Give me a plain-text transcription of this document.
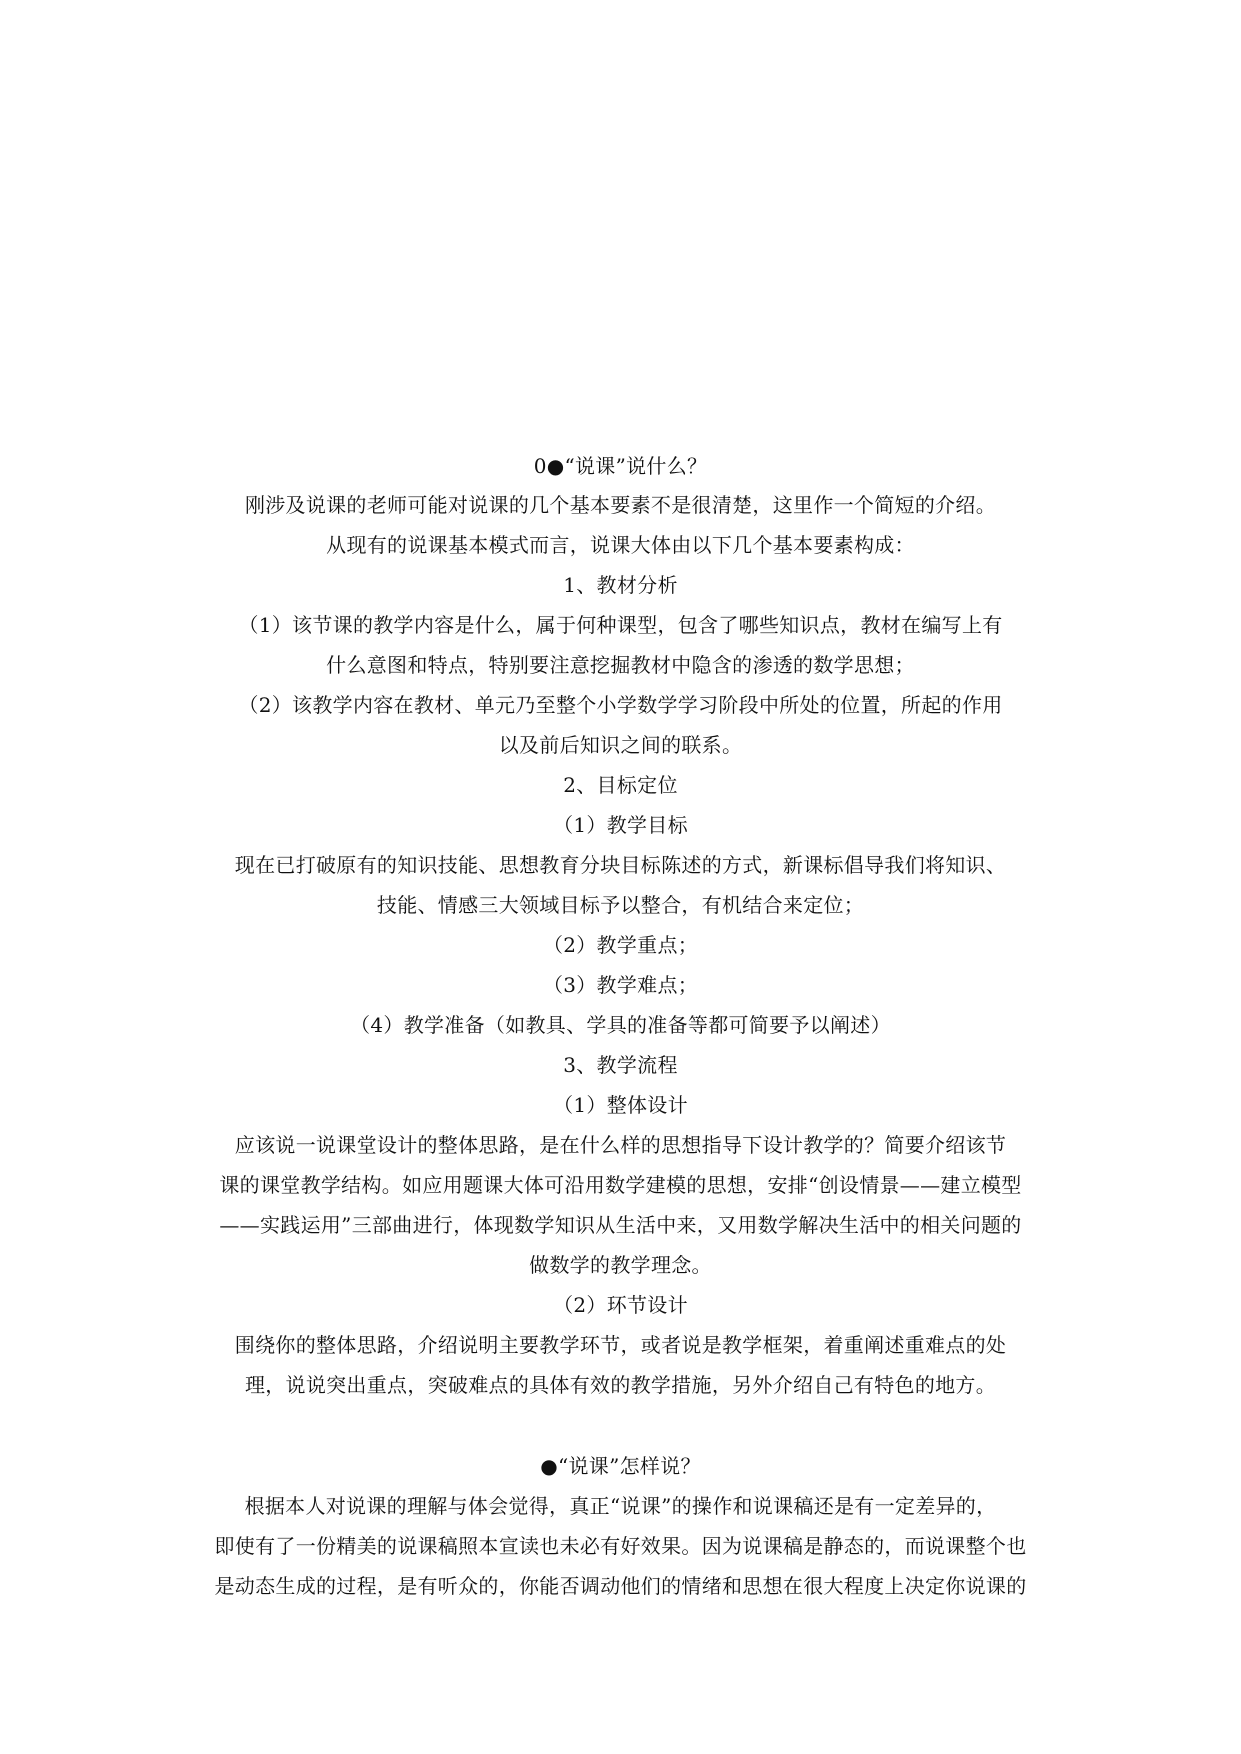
0●“说课”说什么？
刚涉及说课的老师可能对说课的几个基本要素不是很清楚，这里作一个简短的介绍。
从现有的说课基本模式而言，说课大体由以下几个基本要素构成：
1、教材分析
（1）该节课的教学内容是什么，属于何种课型，包含了哪些知识点，教材在编写上有
什么意图和特点，特别要注意挖掘教材中隐含的渗透的数学思想；
（2）该教学内容在教材、单元乃至整个小学数学学习阶段中所处的位置，所起的作用
以及前后知识之间的联系。
2、目标定位
（1）教学目标
现在已打破原有的知识技能、思想教育分块目标陈述的方式，新课标倡导我们将知识、
技能、情感三大领域目标予以整合，有机结合来定位；
（2）教学重点；
（3）教学难点；
（4）教学准备（如教具、学具的准备等都可简要予以阐述）
3、教学流程
（1）整体设计
应该说一说课堂设计的整体思路，是在什么样的思想指导下设计教学的？简要介绍该节
课的课堂教学结构。如应用题课大体可沿用数学建模的思想，安排“创设情景——建立模型
——实践运用”三部曲进行，体现数学知识从生活中来，又用数学解决生活中的相关问题的
做数学的教学理念。
（2）环节设计
围绕你的整体思路，介绍说明主要教学环节，或者说是教学框架，着重阐述重难点的处
理，说说突出重点，突破难点的具体有效的教学措施，另外介绍自己有特色的地方。
●“说课”怎样说？
根据本人对说课的理解与体会觉得，真正“说课”的操作和说课稿还是有一定差异的，
即使有了一份精美的说课稿照本宣读也未必有好效果。因为说课稿是静态的，而说课整个也
是动态生成的过程，是有听众的，你能否调动他们的情绪和思想在很大程度上决定你说课的
